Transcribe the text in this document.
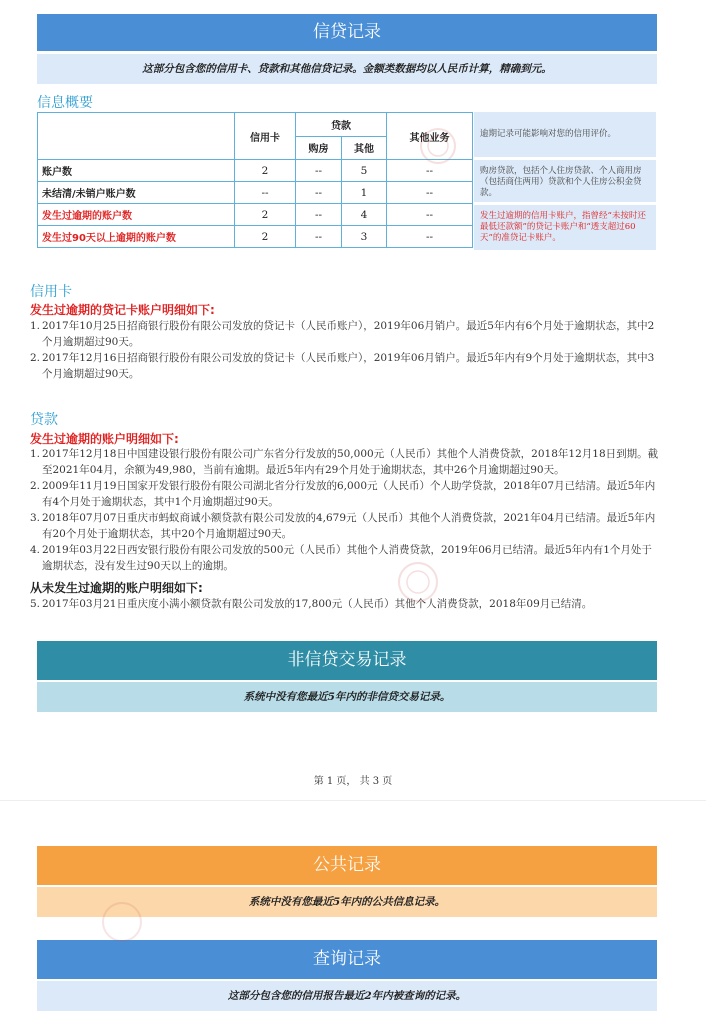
信贷记录
这部分包含您的信用卡、贷款和其他信贷记录。金额类数据均以人民币计算，精确到元。
信息概要
	信用卡	贷款		其他业务
		购房	其他	
账户数	2	--	5	--
未结清/未销户账户数	--	--	1	--
发生过逾期的账户数	2	--	4	--
发生过90天以上逾期的账户数	2	--	3	--
逾期记录可能影响对您的信用评价。
购房贷款，包括个人住房贷款、个人商用房（包括商住两用）贷款和个人住房公积金贷款。
发生过逾期的信用卡账户，指曾经“未按时还最低还款额”的贷记卡账户和“透支超过60天”的准贷记卡账户。
信用卡
发生过逾期的贷记卡账户明细如下:
1. 2017年10月25日招商银行股份有限公司发放的贷记卡（人民币账户），2019年06月销户。最近5年内有6个月处于逾期状态，其中2个月逾期超过90天。
2. 2017年12月16日招商银行股份有限公司发放的贷记卡（人民币账户），2019年06月销户。最近5年内有9个月处于逾期状态，其中3个月逾期超过90天。
贷款
发生过逾期的账户明细如下:
1. 2017年12月18日中国建设银行股份有限公司广东省分行发放的50,000元（人民币）其他个人消费贷款，2018年12月18日到期。截至2021年04月，余额为49,980，当前有逾期。最近5年内有29个月处于逾期状态，其中26个月逾期超过90天。
2. 2009年11月19日国家开发银行股份有限公司湖北省分行发放的6,000元（人民币）个人助学贷款，2018年07月已结清。最近5年内有4个月处于逾期状态，其中1个月逾期超过90天。
3. 2018年07月07日重庆市蚂蚁商诚小额贷款有限公司发放的4,679元（人民币）其他个人消费贷款，2021年04月已结清。最近5年内有20个月处于逾期状态，其中20个月逾期超过90天。
4. 2019年03月22日西安银行股份有限公司发放的500元（人民币）其他个人消费贷款，2019年06月已结清。最近5年内有1个月处于逾期状态，没有发生过90天以上的逾期。
从未发生过逾期的账户明细如下:
5. 2017年03月21日重庆度小满小额贷款有限公司发放的17,800元（人民币）其他个人消费贷款，2018年09月已结清。
非信贷交易记录
系统中没有您最近5年内的非信贷交易记录。
第 1 页， 共 3 页
公共记录
系统中没有您最近5年内的公共信息记录。
查询记录
这部分包含您的信用报告最近2年内被查询的记录。
